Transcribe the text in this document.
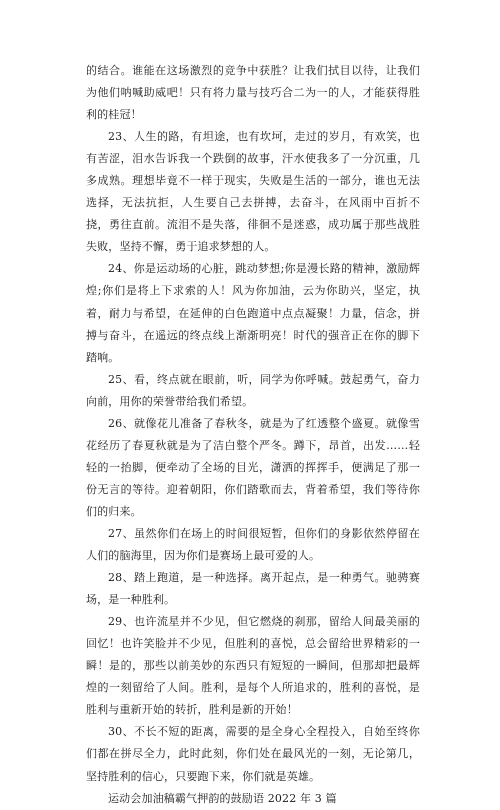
的结合。谁能在这场激烈的竞争中获胜？让我们拭目以待，让我们为他们呐喊助威吧！只有将力量与技巧合二为一的人，才能获得胜利的桂冠！

23、人生的路，有坦途，也有坎坷，走过的岁月，有欢笑，也有苦涩，泪水告诉我一个跌倒的故事，汗水使我多了一分沉重，几多成熟。理想毕竟不一样于现实，失败是生活的一部分，谁也无法选择，无法抗拒，人生要自己去拼搏，去奋斗，在风雨中百折不挠，勇往直前。流泪不是失落，徘徊不是迷惑，成功属于那些战胜失败，坚持不懈，勇于追求梦想的人。

24、你是运动场的心脏，跳动梦想;你是漫长路的精神，激励辉煌;你们是将上下求索的人！风为你加油，云为你助兴，坚定，执着，耐力与希望，在延伸的白色跑道中点点凝聚！力量，信念，拼搏与奋斗，在遥远的终点线上渐渐明亮！时代的强音正在你的脚下踏响。

25、看，终点就在眼前，听，同学为你呼喊。鼓起勇气，奋力向前，用你的荣誉带给我们希望。

26、就像花儿准备了春秋冬，就是为了红透整个盛夏。就像雪花经历了春夏秋就是为了洁白整个严冬。蹲下，昂首，出发……轻轻的一抬脚，便牵动了全场的目光，潇洒的挥挥手，便满足了那一份无言的等待。迎着朝阳，你们踏歌而去，背着希望，我们等待你们的归来。

27、虽然你们在场上的时间很短暂，但你们的身影依然停留在人们的脑海里，因为你们是赛场上最可爱的人。

28、踏上跑道，是一种选择。离开起点，是一种勇气。驰骋赛场，是一种胜利。

29、也许流星并不少见，但它燃烧的刹那，留给人间最美丽的回忆！也许笑脸并不少见，但胜利的喜悦，总会留给世界精彩的一瞬！是的，那些以前美妙的东西只有短短的一瞬间，但那却把最辉煌的一刻留给了人间。胜利，是每个人所追求的，胜利的喜悦，是胜利与重新开始的转折，胜利是新的开始！

30、不长不短的距离，需要的是全身心全程投入，自始至终你们都在拼尽全力，此时此刻，你们处在最风光的一刻，无论第几，坚持胜利的信心，只要跑下来，你们就是英雄。

运动会加油稿霸气押韵的鼓励语 2022 年 3 篇
